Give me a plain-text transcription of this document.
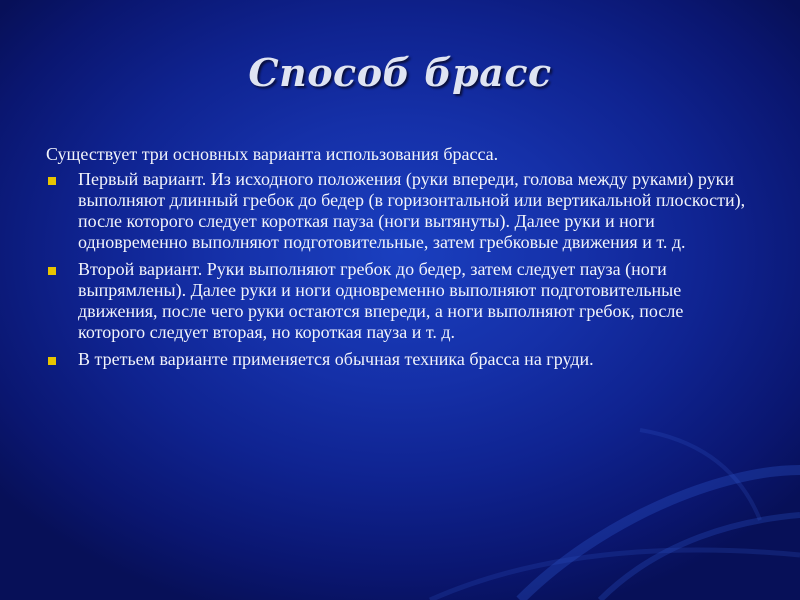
Способ брасс

Существует три основных варианта использования брасса.

Первый вариант. Из исходного положения (руки впереди, голова между руками) руки выполняют длинный гребок до бедер (в горизонтальной или вертикальной плоскости), после которого следует короткая пауза (ноги вытянуты). Далее руки и ноги одновременно выполняют подготовительные, затем гребковые движения и т. д.
Второй вариант. Руки выполняют гребок до бедер, затем следует пауза (ноги выпрямлены). Далее руки и ноги одновременно выполняют подготовительные движения, после чего руки остаются впереди, а ноги выполняют гребок, после которого следует вторая, но короткая пауза и т. д.
В третьем варианте применяется обычная техника брасса на груди.
